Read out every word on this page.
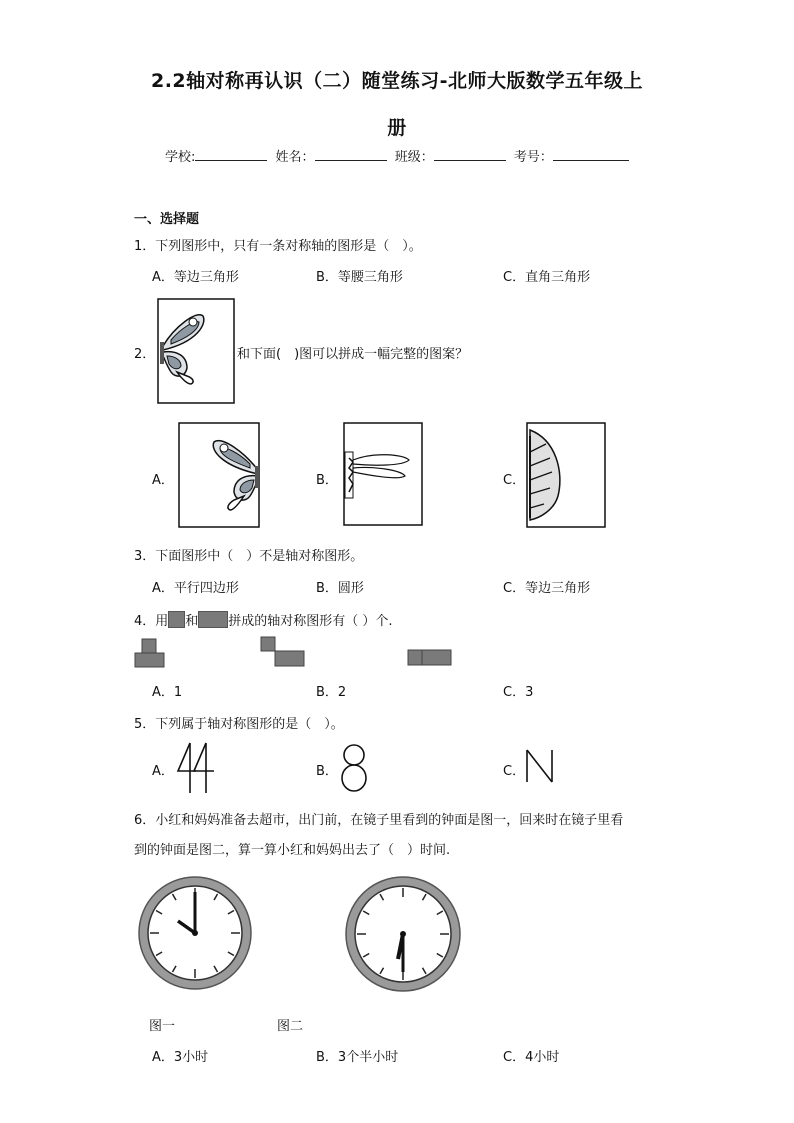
2.2轴对称再认识（二）随堂练习-北师大版数学五年级上
册
学校:	姓名：	班级：	考号：
一、选择题
1．下列图形中，只有一条对称轴的图形是（　）。
A．等边三角形	B．等腰三角形	C．直角三角形
2．	和下面(　)图可以拼成一幅完整的图案？
A．	B．	C．
3．下面图形中（　）不是轴对称图形。
A．平行四边形	B．圆形	C．等边三角形
4．用 和 拼成的轴对称图形有（ ）个.
A．1	B．2	C．3
5．下列属于轴对称图形的是（　）。
A．	B．	C．
6．小红和妈妈准备去超市，出门前，在镜子里看到的钟面是图一，回来时在镜子里看
到的钟面是图二，算一算小红和妈妈出去了（　）时间.
图一	图二
A．3小时	B．3个半小时	C．4小时
